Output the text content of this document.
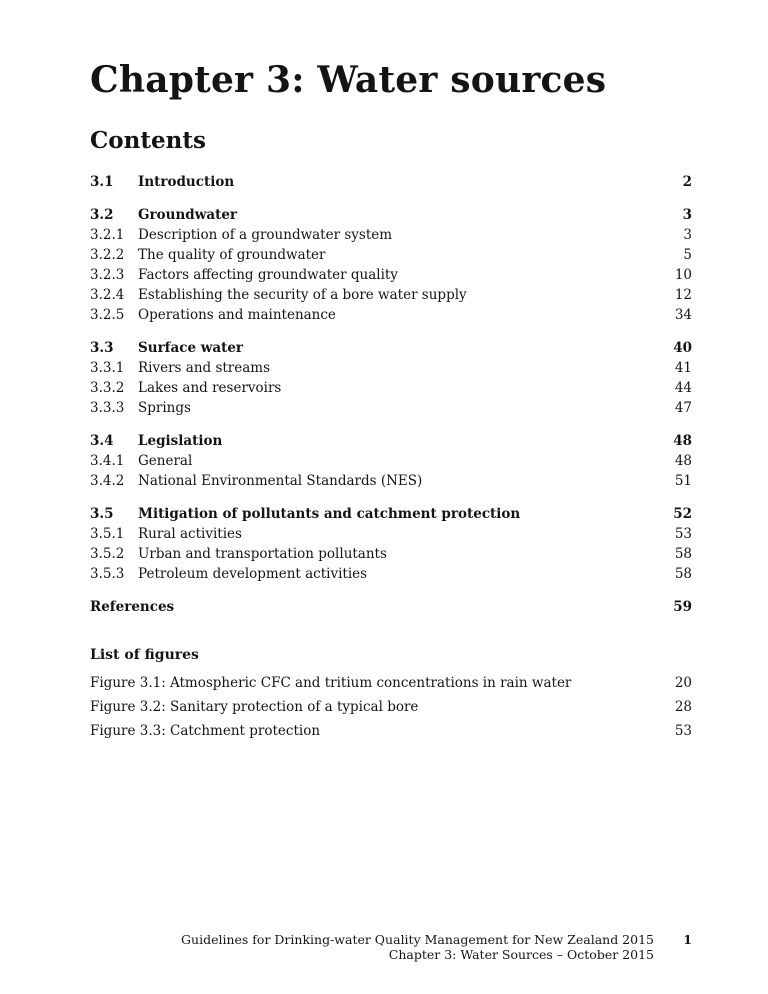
Chapter 3: Water sources
Contents
3.1	Introduction	2
3.2	Groundwater	3
3.2.1	Description of a groundwater system	3
3.2.2	The quality of groundwater	5
3.2.3	Factors affecting groundwater quality	10
3.2.4	Establishing the security of a bore water supply	12
3.2.5	Operations and maintenance	34
3.3	Surface water	40
3.3.1	Rivers and streams	41
3.3.2	Lakes and reservoirs	44
3.3.3	Springs	47
3.4	Legislation	48
3.4.1	General	48
3.4.2	National Environmental Standards (NES)	51
3.5	Mitigation of pollutants and catchment protection	52
3.5.1	Rural activities	53
3.5.2	Urban and transportation pollutants	58
3.5.3	Petroleum development activities	58
References	59
List of figures
Figure 3.1: Atmospheric CFC and tritium concentrations in rain water	20
Figure 3.2: Sanitary protection of a typical bore	28
Figure 3.3: Catchment protection	53
Guidelines for Drinking-water Quality Management for New Zealand 2015
Chapter 3: Water Sources – October 2015
1
